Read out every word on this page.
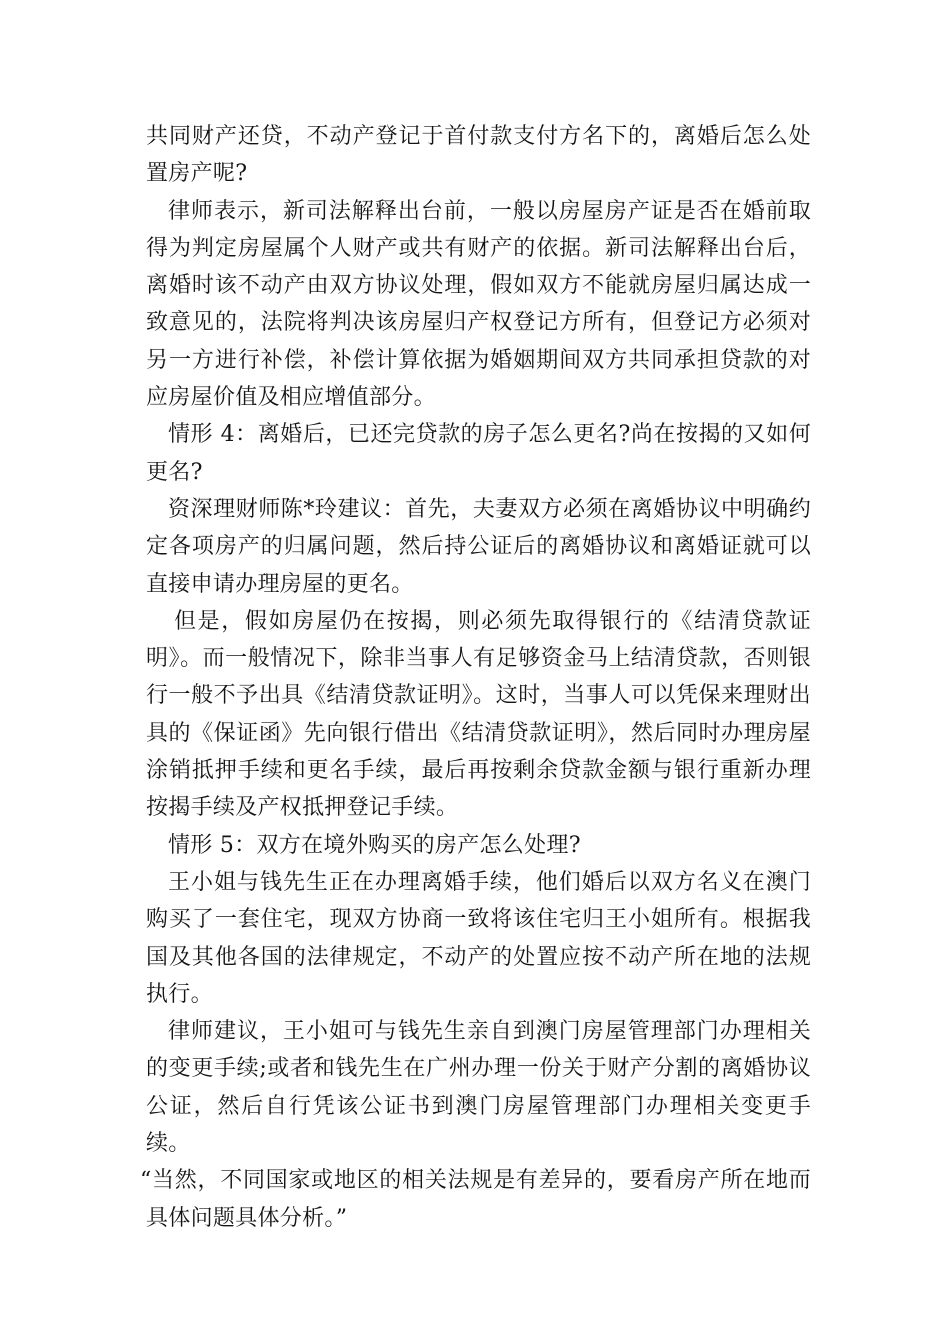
共同财产还贷，不动产登记于首付款支付方名下的，离婚后怎么处置房产呢?

律师表示，新司法解释出台前，一般以房屋房产证是否在婚前取得为判定房屋属个人财产或共有财产的依据。新司法解释出台后，离婚时该不动产由双方协议处理，假如双方不能就房屋归属达成一致意见的，法院将判决该房屋归产权登记方所有，但登记方必须对另一方进行补偿，补偿计算依据为婚姻期间双方共同承担贷款的对应房屋价值及相应增值部分。

情形 4：离婚后，已还完贷款的房子怎么更名?尚在按揭的又如何更名?

资深理财师陈*玲建议：首先，夫妻双方必须在离婚协议中明确约定各项房产的归属问题，然后持公证后的离婚协议和离婚证就可以直接申请办理房屋的更名。

但是，假如房屋仍在按揭，则必须先取得银行的《结清贷款证明》。而一般情况下，除非当事人有足够资金马上结清贷款，否则银行一般不予出具《结清贷款证明》。这时，当事人可以凭保来理财出具的《保证函》先向银行借出《结清贷款证明》，然后同时办理房屋涂销抵押手续和更名手续，最后再按剩余贷款金额与银行重新办理按揭手续及产权抵押登记手续。

情形 5：双方在境外购买的房产怎么处理?

王小姐与钱先生正在办理离婚手续，他们婚后以双方名义在澳门购买了一套住宅，现双方协商一致将该住宅归王小姐所有。根据我国及其他各国的法律规定，不动产的处置应按不动产所在地的法规执行。

律师建议，王小姐可与钱先生亲自到澳门房屋管理部门办理相关的变更手续;或者和钱先生在广州办理一份关于财产分割的离婚协议公证，然后自行凭该公证书到澳门房屋管理部门办理相关变更手续。

“当然，不同国家或地区的相关法规是有差异的，要看房产所在地而具体问题具体分析。”
